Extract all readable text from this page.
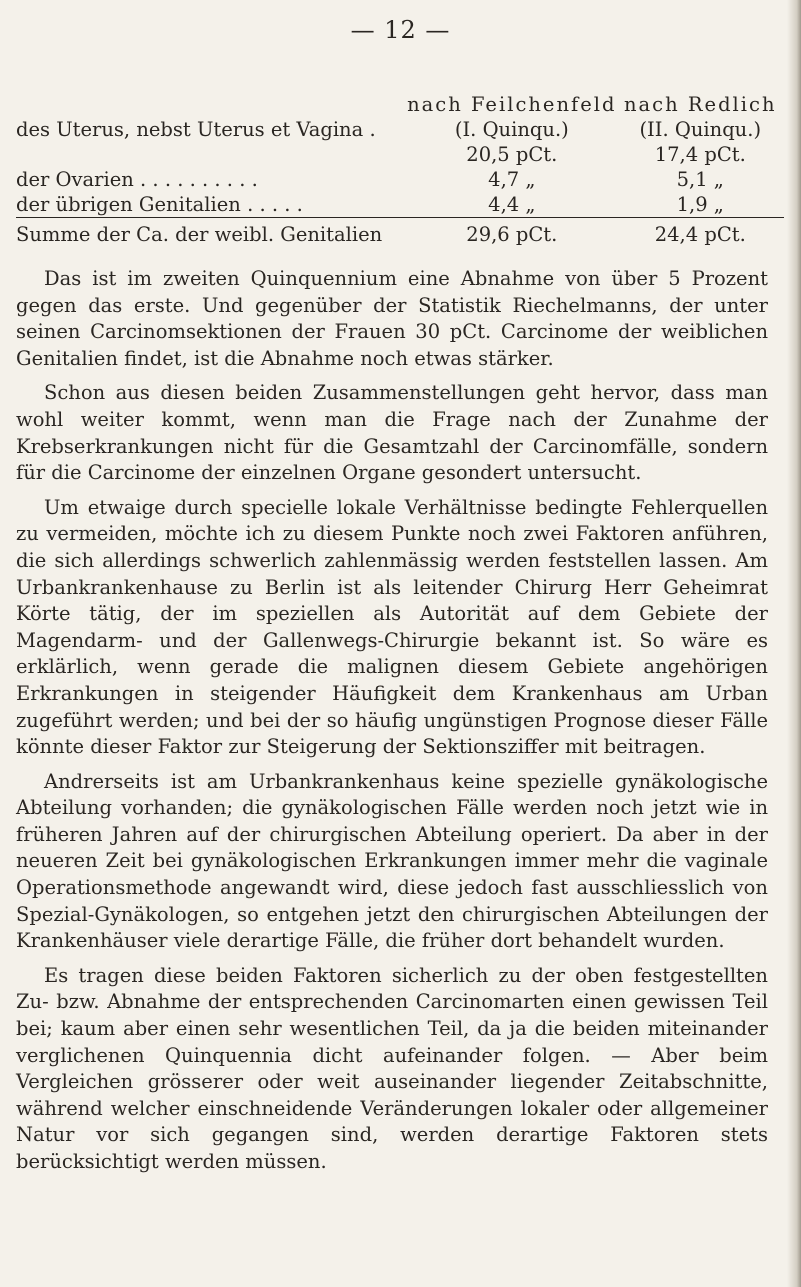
— 12 —
	nach Feilchenfeld	nach Redlich
des Uterus, nebst Uterus et Vagina .	(I. Quinqu.)	(II. Quinqu.)
	20,5 pCt.	17,4 pCt.
der Ovarien . . . . . . . . . .	4,7 „	5,1 „
der übrigen Genitalien . . . . .	4,4 „	1,9 „
Summe der Ca. der weibl. Genitalien	29,6 pCt.	24,4 pCt.

Das ist im zweiten Quinquennium eine Abnahme von über 5 Prozent gegen das erste. Und gegenüber der Statistik Riechelmanns, der unter seinen Carcinomsektionen der Frauen 30 pCt. Carcinome der weiblichen Genitalien findet, ist die Abnahme noch etwas stärker.

Schon aus diesen beiden Zusammenstellungen geht hervor, dass man wohl weiter kommt, wenn man die Frage nach der Zunahme der Krebserkrankungen nicht für die Gesamtzahl der Carcinomfälle, sondern für die Carcinome der einzelnen Organe gesondert untersucht.

Um etwaige durch specielle lokale Verhältnisse bedingte Fehlerquellen zu vermeiden, möchte ich zu diesem Punkte noch zwei Faktoren anführen, die sich allerdings schwerlich zahlenmässig werden feststellen lassen. Am Urbankrankenhause zu Berlin ist als leitender Chirurg Herr Geheimrat Körte tätig, der im speziellen als Autorität auf dem Gebiete der Magendarm- und der Gallenwegs-Chirurgie bekannt ist. So wäre es erklärlich, wenn gerade die malignen diesem Gebiete angehörigen Erkrankungen in steigender Häufigkeit dem Krankenhaus am Urban zugeführt werden; und bei der so häufig ungünstigen Prognose dieser Fälle könnte dieser Faktor zur Steigerung der Sektionsziffer mit beitragen.

Andrerseits ist am Urbankrankenhaus keine spezielle gynäkologische Abteilung vorhanden; die gynäkologischen Fälle werden noch jetzt wie in früheren Jahren auf der chirurgischen Abteilung operiert. Da aber in der neueren Zeit bei gynäkologischen Erkrankungen immer mehr die vaginale Operationsmethode angewandt wird, diese jedoch fast ausschliesslich von Spezial-Gynäkologen, so entgehen jetzt den chirurgischen Abteilungen der Krankenhäuser viele derartige Fälle, die früher dort behandelt wurden.

Es tragen diese beiden Faktoren sicherlich zu der oben festgestellten Zu- bzw. Abnahme der entsprechenden Carcinomarten einen gewissen Teil bei; kaum aber einen sehr wesentlichen Teil, da ja die beiden miteinander verglichenen Quinquennia dicht aufeinander folgen. — Aber beim Vergleichen grösserer oder weit auseinander liegender Zeitabschnitte, während welcher einschneidende Veränderungen lokaler oder allgemeiner Natur vor sich gegangen sind, werden derartige Faktoren stets berücksichtigt werden müssen.
